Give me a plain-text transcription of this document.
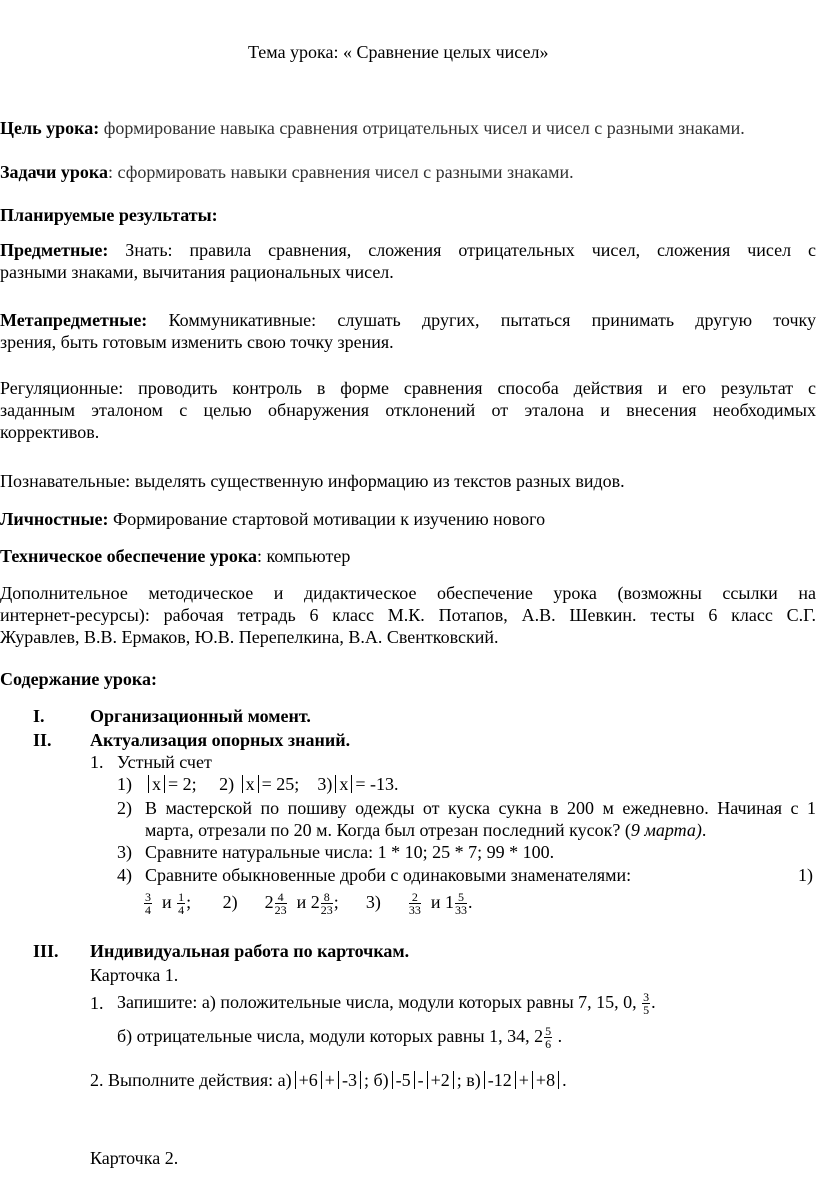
Тема урока: « Сравнение целых чисел»
Цель урока: формирование навыка сравнения отрицательных чисел и чисел с разными знаками.
Задачи урока: сформировать навыки сравнения чисел с разными знаками.
Планируемые результаты:
Предметные: Знать: правила сравнения, сложения отрицательных чисел, сложения чисел с
разными знаками, вычитания рациональных чисел.
Метапредметные: Коммуникативные: слушать других, пытаться принимать другую точку
зрения, быть готовым изменить свою точку зрения.
Регуляционные: проводить контроль в форме сравнения способа действия и его результат с
заданным эталоном с целью обнаружения отклонений от эталона и внесения необходимых
коррективов.
Познавательные: выделять существенную информацию из текстов разных видов.
Личностные: Формирование стартовой мотивации к изучению нового
Техническое обеспечение урока: компьютер
Дополнительное методическое и дидактическое обеспечение урока (возможны ссылки на
интернет-ресурсы): рабочая тетрадь 6 класс М.К. Потапов, А.В. Шевкин. тесты 6 класс С.Г.
Журавлев, В.В. Ермаков, Ю.В. Перепелкина, В.А. Свентковский.
Содержание урока:
I.	Организационный момент.
II. Актуализация опорных знаний.
1. Устный счет
1)	x = 2; 2) x = 25; 3) x = -13.
2) В мастерской по пошиву одежды от куска сукна в 200 м ежедневно. Начиная с 1
марта, отрезали по 20 м. Когда был отрезан последний кусок? (9 марта).
3) Сравните натуральные числа: 1 * 10; 25 * 7; 99 * 100.
4) Сравните обыкновенные дроби с одинаковыми знаменателями:	1)
$\frac{3}{4}$ и $\frac{1}{4}$ ; 2) $2 \frac{4}{23}$ и $2 \frac{8}{23}$ ; $3) \frac{2}{33}$ и $1 \frac{5}{33}$ .
III. Индивидуальная работа по карточкам.
Карточка 1.
1. Запишите: а) положительные числа, модули которых равны 7, 15, 0, $\frac{3}{5}$ .
б) отрицательные числа, модули которых равны 1, 34, $2 \frac{5}{6}$ .
2. Выполните действия: а) +6 + -3 ; б) -5 - +2 ; в) -12 + +8 .
Карточка 2.
